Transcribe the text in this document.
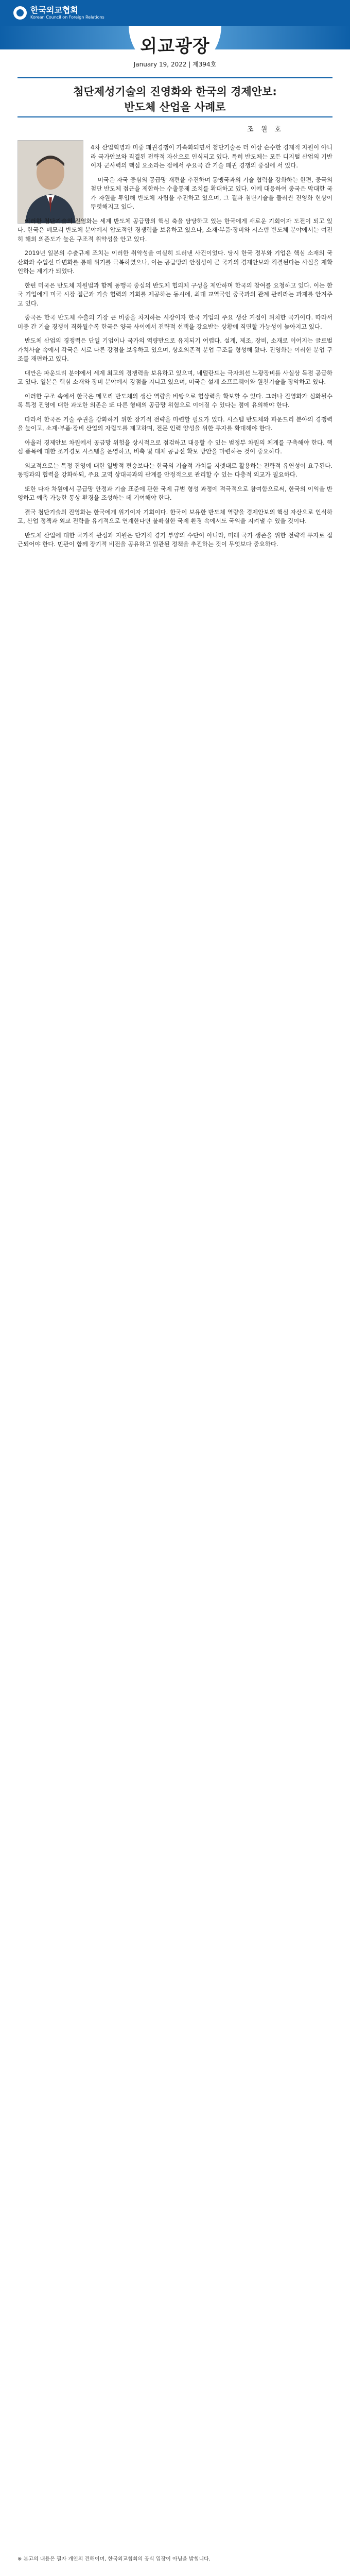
한국외교협회
Korean Council on Foreign Relations
외교광장
January 19, 2022 | 제394호
첨단제성기술의 진영화와 한국의 경제안보:
반도체 산업을 사례로
조 원 호

4차 산업혁명과 미중 패권경쟁이 가속화되면서 첨단기술은 더 이상 순수한 경제적 자원이 아니라 국가안보와 직결된 전략적 자산으로 인식되고 있다. 특히 반도체는 모든 디지털 산업의 기반이자 군사력의 핵심 요소라는 점에서 주요국 간 기술 패권 경쟁의 중심에 서 있다.

미국은 자국 중심의 공급망 재편을 추진하며 동맹국과의 기술 협력을 강화하는 한편, 중국의 첨단 반도체 접근을 제한하는 수출통제 조치를 확대하고 있다. 이에 대응하여 중국은 막대한 국가 자원을 투입해 반도체 자립을 추진하고 있으며, 그 결과 첨단기술을 둘러싼 진영화 현상이 뚜렷해지고 있다.

이러한 첨단기술의 진영화는 세계 반도체 공급망의 핵심 축을 담당하고 있는 한국에게 새로운 기회이자 도전이 되고 있다. 한국은 메모리 반도체 분야에서 압도적인 경쟁력을 보유하고 있으나, 소재·부품·장비와 시스템 반도체 분야에서는 여전히 해외 의존도가 높은 구조적 취약성을 안고 있다.

2019년 일본의 수출규제 조치는 이러한 취약성을 여실히 드러낸 사건이었다. 당시 한국 정부와 기업은 핵심 소재의 국산화와 수입선 다변화를 통해 위기를 극복하였으나, 이는 공급망의 안정성이 곧 국가의 경제안보와 직결된다는 사실을 재확인하는 계기가 되었다.

한편 미국은 반도체 지원법과 함께 동맹국 중심의 반도체 협의체 구성을 제안하며 한국의 참여를 요청하고 있다. 이는 한국 기업에게 미국 시장 접근과 기술 협력의 기회를 제공하는 동시에, 최대 교역국인 중국과의 관계 관리라는 과제를 안겨주고 있다.

중국은 한국 반도체 수출의 가장 큰 비중을 차지하는 시장이자 한국 기업의 주요 생산 거점이 위치한 국가이다. 따라서 미중 간 기술 경쟁이 격화될수록 한국은 양국 사이에서 전략적 선택을 강요받는 상황에 직면할 가능성이 높아지고 있다.

반도체 산업의 경쟁력은 단일 기업이나 국가의 역량만으로 유지되기 어렵다. 설계, 제조, 장비, 소재로 이어지는 글로벌 가치사슬 속에서 각국은 서로 다른 강점을 보유하고 있으며, 상호의존적 분업 구조를 형성해 왔다. 진영화는 이러한 분업 구조를 재편하고 있다.

대만은 파운드리 분야에서 세계 최고의 경쟁력을 보유하고 있으며, 네덜란드는 극자외선 노광장비를 사실상 독점 공급하고 있다. 일본은 핵심 소재와 장비 분야에서 강점을 지니고 있으며, 미국은 설계 소프트웨어와 원천기술을 장악하고 있다.

이러한 구조 속에서 한국은 메모리 반도체의 생산 역량을 바탕으로 협상력을 확보할 수 있다. 그러나 진영화가 심화될수록 특정 진영에 대한 과도한 의존은 또 다른 형태의 공급망 위험으로 이어질 수 있다는 점에 유의해야 한다.

따라서 한국은 기술 주권을 강화하기 위한 장기적 전략을 마련할 필요가 있다. 시스템 반도체와 파운드리 분야의 경쟁력을 높이고, 소재·부품·장비 산업의 자립도를 제고하며, 전문 인력 양성을 위한 투자를 확대해야 한다.

아울러 경제안보 차원에서 공급망 위험을 상시적으로 점검하고 대응할 수 있는 범정부 차원의 체계를 구축해야 한다. 핵심 품목에 대한 조기경보 시스템을 운영하고, 비축 및 대체 공급선 확보 방안을 마련하는 것이 중요하다.

외교적으로는 특정 진영에 대한 일방적 편승보다는 한국의 기술적 가치를 지렛대로 활용하는 전략적 유연성이 요구된다. 동맹과의 협력을 강화하되, 주요 교역 상대국과의 관계를 안정적으로 관리할 수 있는 다층적 외교가 필요하다.

또한 다자 차원에서 공급망 안정과 기술 표준에 관한 국제 규범 형성 과정에 적극적으로 참여함으로써, 한국의 이익을 반영하고 예측 가능한 통상 환경을 조성하는 데 기여해야 한다.

결국 첨단기술의 진영화는 한국에게 위기이자 기회이다. 한국이 보유한 반도체 역량을 경제안보의 핵심 자산으로 인식하고, 산업 정책과 외교 전략을 유기적으로 연계한다면 불확실한 국제 환경 속에서도 국익을 지켜낼 수 있을 것이다.

반도체 산업에 대한 국가적 관심과 지원은 단기적 경기 부양의 수단이 아니라, 미래 국가 생존을 위한 전략적 투자로 접근되어야 한다. 민관이 함께 장기적 비전을 공유하고 일관된 정책을 추진하는 것이 무엇보다 중요하다.

※ 본고의 내용은 필자 개인의 견해이며, 한국외교협회의 공식 입장이 아님을 밝힙니다.
